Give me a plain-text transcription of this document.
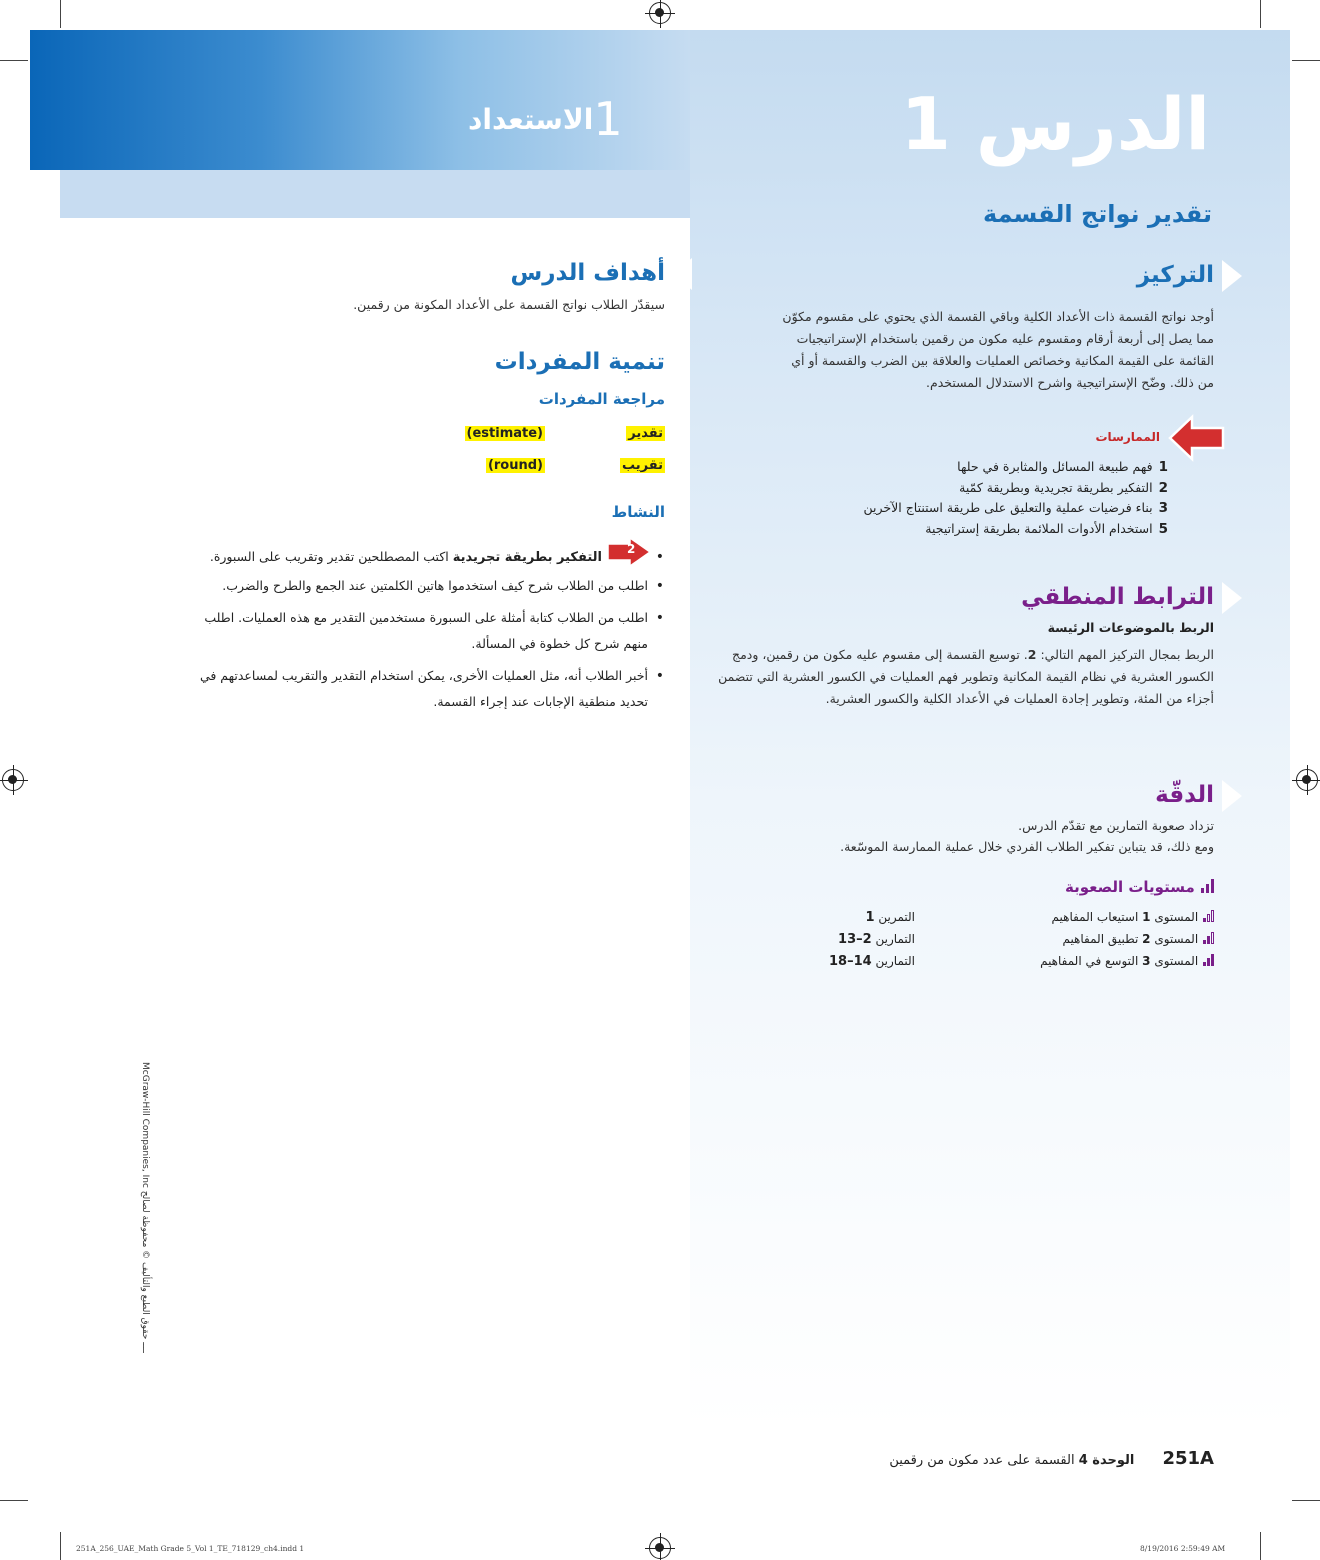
الدرس 1
1الاستعداد
تقدير نواتج القسمة
التركيز
أوجد نواتج القسمة ذات الأعداد الكلية وباقي القسمة الذي يحتوي على مقسوم مكوّن مما يصل إلى أربعة أرقام ومقسوم عليه مكون من رقمين باستخدام الإستراتيجيات القائمة على القيمة المكانية وخصائص العمليات والعلاقة بين الضرب والقسمة أو أي من ذلك. وضّح الإستراتيجية واشرح الاستدلال المستخدم.
الممارسات
1فهم طبيعة المسائل والمثابرة في حلها
2التفكير بطريقة تجريدية وبطريقة كمّية
3بناء فرضيات عملية والتعليق على طريقة استنتاج الآخرين
5استخدام الأدوات الملائمة بطريقة إستراتيجية
الترابط المنطقي
الربط بالموضوعات الرئيسة
الربط بمجال التركيز المهم التالي: 2. توسيع القسمة إلى مقسوم عليه مكون من رقمين، ودمج الكسور العشرية في نظام القيمة المكانية وتطوير فهم العمليات في الكسور العشرية التي تتضمن أجزاء من المئة، وتطوير إجادة العمليات في الأعداد الكلية والكسور العشرية.
الدقّة
تزداد صعوبة التمارين مع تقدّم الدرس.
ومع ذلك، قد يتباين تفكير الطلاب الفردي خلال عملية الممارسة الموسّعة.
مستويات الصعوبة
المستوى 1 استيعاب المفاهيم
التمرين 1
المستوى 2 تطبيق المفاهيم
التمارين 2–13
المستوى 3 التوسع في المفاهيم
التمارين 14–18
أهداف الدرس
سيقدّر الطلاب نواتج القسمة على الأعداد المكونة من رقمين.
تنمية المفردات
مراجعة المفردات
تقدير
(estimate)
تقريب
(round)
النشاط
2
• التفكير بطريقة تجريدية اكتب المصطلحين تقدير وتقريب على السبورة.
• اطلب من الطلاب شرح كيف استخدموا هاتين الكلمتين عند الجمع والطرح والضرب.
• اطلب من الطلاب كتابة أمثلة على السبورة مستخدمين التقدير مع هذه العمليات. اطلب منهم شرح كل خطوة في المسألة.
• أخبر الطلاب أنه، مثل العمليات الأخرى، يمكن استخدام التقدير والتقريب لمساعدتهم في تحديد منطقية الإجابات عند إجراء القسمة.
McGraw-Hill Companies, Inc ــــ حقوق الطبع والتأليف © محفوظة لصالح
251A الوحدة 4 القسمة على عدد مكون من رقمين
251A_256_UAE_Math Grade 5_Vol 1_TE_718129_ch4.indd 1	8/19/2016 2:59:49 AM
